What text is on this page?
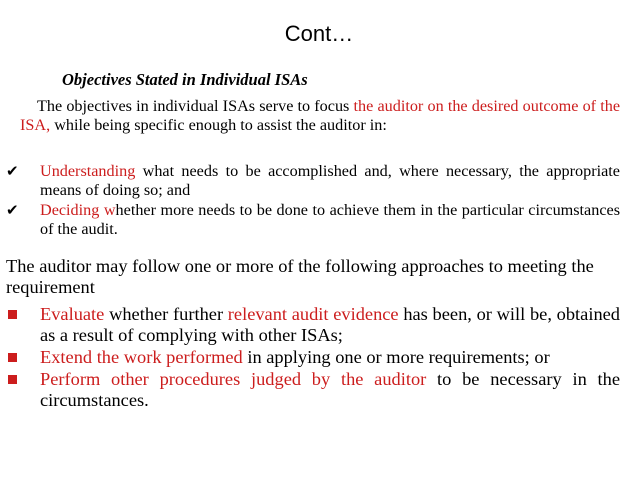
Cont…
Objectives Stated in Individual ISAs
The objectives in individual ISAs serve to focus the auditor on the desired outcome of the ISA, while being specific enough to assist the auditor in:
✔	Understanding what needs to be accomplished and, where necessary, the appropriate means of doing so; and
✔	Deciding whether more needs to be done to achieve them in the particular circumstances of the audit.
The auditor may follow one or more of the following approaches to meeting the requirement
Evaluate whether further relevant audit evidence has been, or will be, obtained as a result of complying with other ISAs;
Extend the work performed in applying one or more requirements; or
Perform other procedures judged by the auditor to be necessary in the circumstances.
